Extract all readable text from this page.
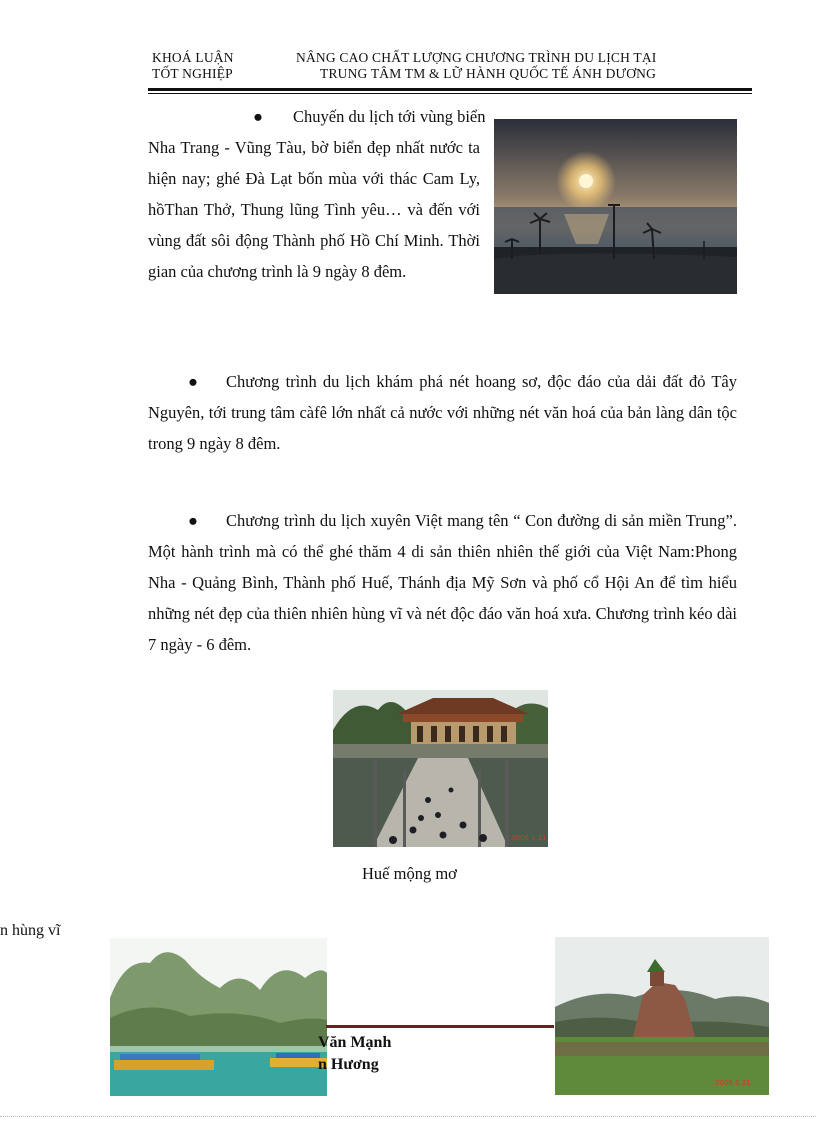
KHOÁ LUẬN
TỐT NGHIỆP
NÂNG CAO CHẤT LƯỢNG CHƯƠNG TRÌNH DU LỊCH TẠI
TRUNG TÂM TM & LỮ HÀNH QUỐC TẾ ÁNH DƯƠNG
● Chuyến du lịch tới vùng biển
Nha Trang - Vũng Tàu, bờ biển đẹp nhất nước ta hiện nay; ghé Đà Lạt bốn mùa với thác Cam Ly, hồThan Thở, Thung lũng Tình yêu… và đến với vùng đất sôi động Thành phố Hồ Chí Minh. Thời gian của chương trình là 9 ngày 8 đêm.
● Chương trình du lịch khám phá nét hoang sơ, độc đáo của dải đất đỏ Tây Nguyên, tới trung tâm càfê lớn nhất cả nước với những nét văn hoá của bản làng dân tộc trong 9 ngày 8 đêm.
● Chương trình du lịch xuyên Việt mang tên “ Con đường di sản miền Trung”. Một hành trình mà có thể ghé thăm 4 di sản thiên nhiên thế giới của Việt Nam:Phong Nha - Quảng Bình, Thành phố Huế, Thánh địa Mỹ Sơn và phố cổ Hội An để tìm hiểu những nét đẹp của thiên nhiên hùng vĩ và nét độc đáo văn hoá xưa. Chương trình kéo dài 7 ngày - 6 đêm.
2006 3 21
Huế mộng mơ
n hùng vĩ
Văn Mạnh
n Hương
2006 3 21
